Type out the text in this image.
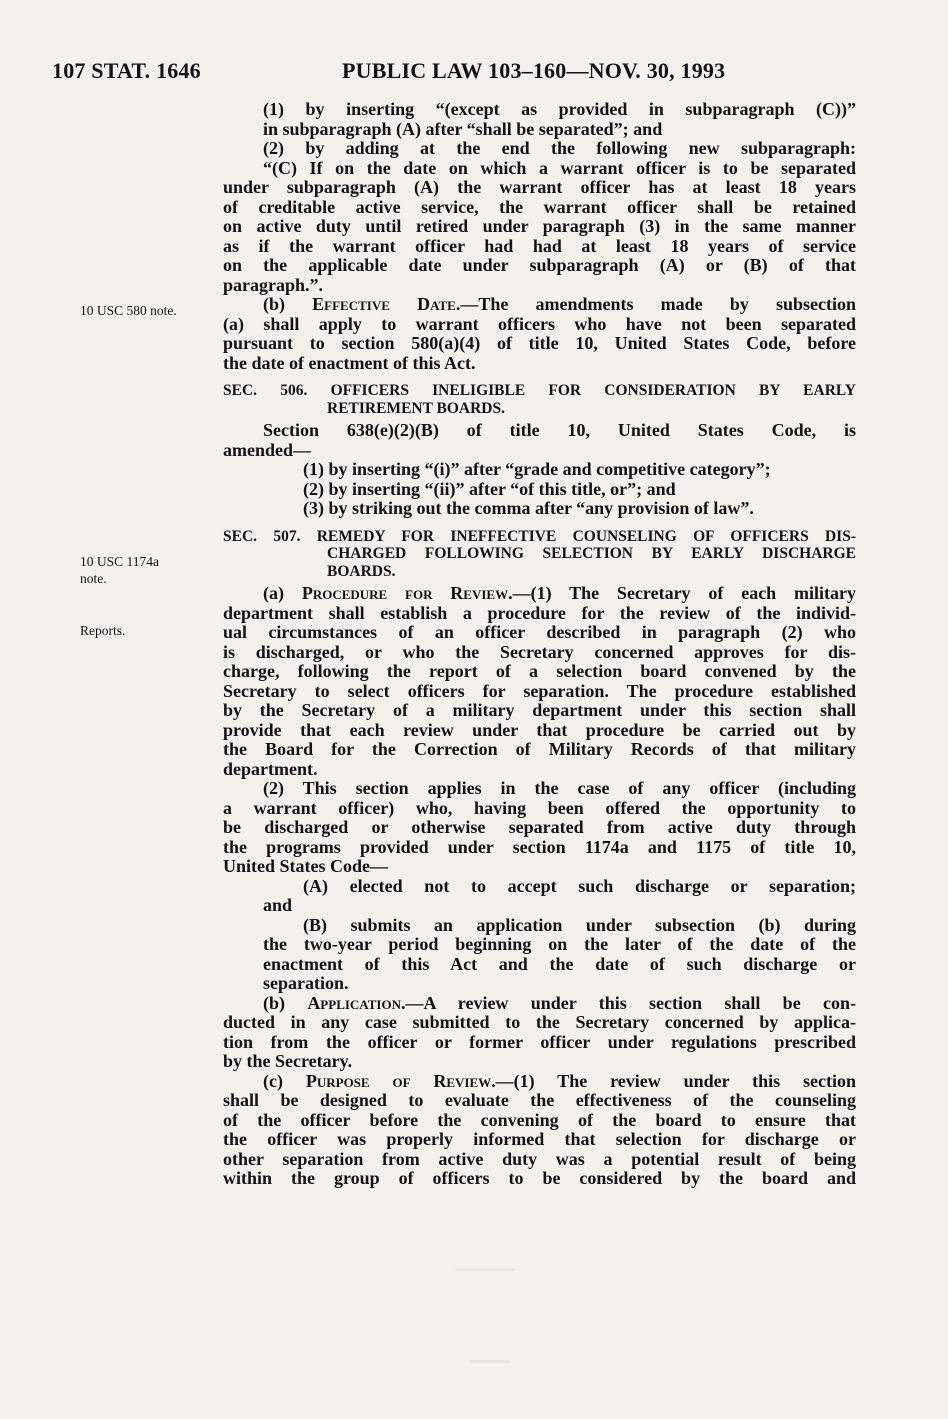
107 STAT. 1646	PUBLIC LAW 103–160—NOV. 30, 1993
10 USC 580 note.
10 USC 1174a
note.
Reports.
(1) by inserting “(except as provided in subparagraph (C))”
in subparagraph (A) after “shall be separated”; and
(2) by adding at the end the following new subparagraph:
“(C) If on the date on which a warrant officer is to be separated
under subparagraph (A) the warrant officer has at least 18 years
of creditable active service, the warrant officer shall be retained
on active duty until retired under paragraph (3) in the same manner
as if the warrant officer had had at least 18 years of service
on the applicable date under subparagraph (A) or (B) of that
paragraph.”.
(b) Effective Date.—The amendments made by subsection
(a) shall apply to warrant officers who have not been separated
pursuant to section 580(a)(4) of title 10, United States Code, before
the date of enactment of this Act.
SEC. 506. OFFICERS INELIGIBLE FOR CONSIDERATION BY EARLY
RETIREMENT BOARDS.
Section 638(e)(2)(B) of title 10, United States Code, is
amended—
(1) by inserting “(i)” after “grade and competitive category”;
(2) by inserting “(ii)” after “of this title, or”; and
(3) by striking out the comma after “any provision of law”.
SEC. 507. REMEDY FOR INEFFECTIVE COUNSELING OF OFFICERS DIS-
CHARGED FOLLOWING SELECTION BY EARLY DISCHARGE
BOARDS.
(a) Procedure for Review.—(1) The Secretary of each military
department shall establish a procedure for the review of the individ-
ual circumstances of an officer described in paragraph (2) who
is discharged, or who the Secretary concerned approves for dis-
charge, following the report of a selection board convened by the
Secretary to select officers for separation. The procedure established
by the Secretary of a military department under this section shall
provide that each review under that procedure be carried out by
the Board for the Correction of Military Records of that military
department.
(2) This section applies in the case of any officer (including
a warrant officer) who, having been offered the opportunity to
be discharged or otherwise separated from active duty through
the programs provided under section 1174a and 1175 of title 10,
United States Code—
(A) elected not to accept such discharge or separation;
and
(B) submits an application under subsection (b) during
the two-year period beginning on the later of the date of the
enactment of this Act and the date of such discharge or
separation.
(b) Application.—A review under this section shall be con-
ducted in any case submitted to the Secretary concerned by applica-
tion from the officer or former officer under regulations prescribed
by the Secretary.
(c) Purpose of Review.—(1) The review under this section
shall be designed to evaluate the effectiveness of the counseling
of the officer before the convening of the board to ensure that
the officer was properly informed that selection for discharge or
other separation from active duty was a potential result of being
within the group of officers to be considered by the board and
